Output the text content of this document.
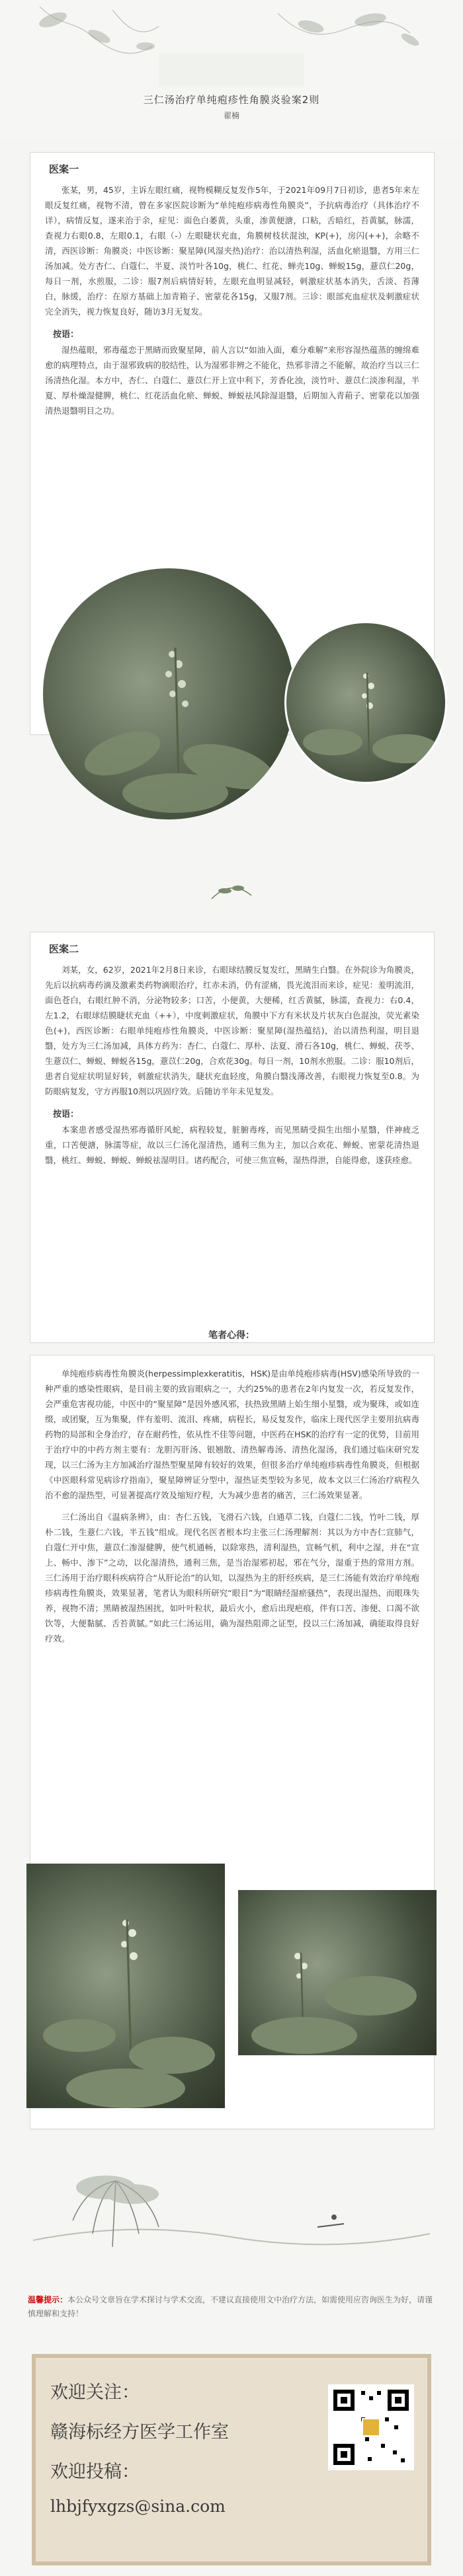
三仁汤治疗单纯疱疹性角膜炎验案2则
翟楠
医案一

张某，男，45岁，主诉左眼红痛，视物模糊反复发作5年，于2021年09月7日初诊，患者5年来左眼反复红痛，视物不清，曾在多家医院诊断为“单纯疱疹病毒性角膜炎”，予抗病毒治疗（具体治疗不详），病情反复，遂来治于余，症见：面色白萎黄，头重，渗黄便溏，口粘，舌暗红，苔黄腻，脉濡，查视力右眼0.8，左眼0.1，右眼（-）左眼睫状充血，角膜树枝状混浊，KP(+)，房闪(++)，余略不清，西医诊断：角膜炎；中医诊断：聚星障(风湿夹热)治疗：治以清热利湿，活血化瘀退翳，方用三仁汤加减。处方杏仁、白蔻仁、半夏、淡竹叶各10g，桃仁、红花、蝉壳10g、蝉蜕15g，薏苡仁20g，每日一剂，水煎服，二诊：服7剂后病情好转，左眼充血明显减轻，刺激症状基本消失，舌淡、苔薄白，脉缓，治疗：在原方基础上加青箱子、密蒙花各15g，又服7剂。三诊：眼部充血症状及刺激症状完全消失，视力恢复良好，随访3月无复发。

按语：

湿热蕴眼，邪毒蕴恋于黑睛而致聚星障，前人言以“如油入面，难分难解”来形容湿热蕴蒸的缠绵难愈的病理特点，由于湿邪致病的胶结性，认为湿邪非辨之不能化，热邪非清之不能解，故治疗当以三仁汤清热化湿。本方中，杏仁、白蔻仁、薏苡仁开上宣中利下，芳香化浊，淡竹叶、薏苡仁淡渗利湿，半夏、厚朴燥湿健脾，桃仁、红花活血化瘀、蝉蜕、蝉蜕祛风除湿退翳，后期加入青葙子、密蒙花以加强清热退翳明目之功。

医案二

刘某，女，62岁，2021年2月8日来诊，右眼球结膜反复发红，黑睛生白翳。在外院诊为角膜炎，先后以抗病毒药滴及激素类药物滴眼治疗，红赤未消，仍有涩痛，畏光流泪而来诊，症见：羞明流泪，面色苍白，右眼红肿不消，分泌物较多；口苦，小便黄，大便稀，红舌黄腻，脉濡，查视力：右0.4，左1.2，右眼球结膜睫状充血（++），中度刺激症状，角膜中下方有米状及片状灰白色混浊，荧光素染色(+)，西医诊断：右眼单纯疱疹性角膜炎，中医诊断：聚星障(湿热蕴结)，治以清热利湿，明目退翳，处方为三仁汤加减，具体方药为：杏仁、白蔻仁、厚朴、法夏、滑石各10g，桃仁、蝉蜕、茯苓、生薏苡仁、蝉蜕、蝉蜕各15g，薏苡仁20g，合欢花30g。每日一剂，10剂水煎服。二诊：服10剂后，患者自觉症状明显好转，刺激症状消失，睫状充血轻度，角膜白翳浅薄改善，右眼视力恢复至0.8。为防眼病复发，守方再服10剂以巩固疗效。后随访半年未见复发。

按语：

本案患者感受湿热邪毒循肝风蛇，病程较复，脏腑毒疼，而见黑睛受损生出细小星翳，伴神疲乏重，口苦便溏，脉濡等症，故以三仁汤化湿清热，通利三焦为主，加以合欢花、蝉蜕、密蒙花清热退翳，桃红、蝉蜕、蝉蜕、蝉蜕祛湿明目。诸药配合，可使三焦宣畅，湿热得泄，自能得愈，遂获痊愈。

笔者心得：

单纯疱疹病毒性角膜炎(herpessimplexkeratitis，HSK)是由单纯疱疹病毒(HSV)感染所导致的一种严重的感染性眼病，是目前主要的致盲眼病之一，大约25%的患者在2年内复发一次，若反复发作，会严重危害视功能，中医中的“聚星障”是因外感风邪，扶热致黑睛上始生细小星翳，或为聚珠，或如连缀，或团聚，互为集聚，伴有羞明、流泪、疼痛，病程长，易反复发作，临床上现代医学主要用抗病毒药物的局部和全身治疗，存在耐药性，依从性不佳等问题，中医药在HSK的治疗有一定的优势，目前用于治疗中的中药方剂主要有：龙胆泻肝汤、银翘散、清热解毒汤、清热化湿汤，我们通过临床研究发现，以三仁汤为主方加减治疗湿热型聚星障有较好的效果，但很多治疗单纯疱疹病毒性角膜炎，但根据《中医眼科常见病诊疗指南》，聚星障辨证分型中，湿热证类型较为多见，故本文以三仁汤治疗病程久治不愈的湿热型，可显著提高疗效及缩短疗程，大为减少患者的痛苦，三仁汤效果显著。

三仁汤出自《温病条辨》，由：杏仁五钱，飞滑石六钱，白通草二钱，白蔻仁二钱，竹叶二钱，厚朴二钱，生薏仁六钱，半五钱”组成。现代名医者根本均主张三仁汤理解剂：其以为方中杏仁宣肺气，白蔻仁开中焦，薏苡仁渗湿健脾，使气机通畅，以除寒热，清利湿热，宣畅气机，利中之湿，并在“宣上、畅中、渗下”之动，以化湿清热，通利三焦，是当治湿邪初起，邪在气分，湿重于热的常用方剂。三仁汤用于治疗眼科疾病符合“从肝论治”的认知，以湿热为主的肝经疾病，是三仁汤能有效治疗单纯疱疹病毒性角膜炎，效果显著，笔者认为眼科所研究“眼目”为“眼睛经湿瘀骚热”，表现出湿热、而眼珠失养，视物不清；黑睛被湿热困扰，如叶叶粒状，最后火小，愈后出现疤痕，伴有口苦、渗便、口渴不欲饮等，大便黏腻、舌苔黄腻。”如此三仁汤运用，确为湿热阻滞之证型，投以三仁汤加减，确能取得良好疗效。

温馨提示：本公众号文章旨在学术探讨与学术交流，不建议直接使用文中治疗方法，如需使用应咨询医生为好，请谨慎理解和支持！
欢迎关注：
赣海标经方医学工作室
欢迎投稿：
lhbjfyxgzs@sina.com
